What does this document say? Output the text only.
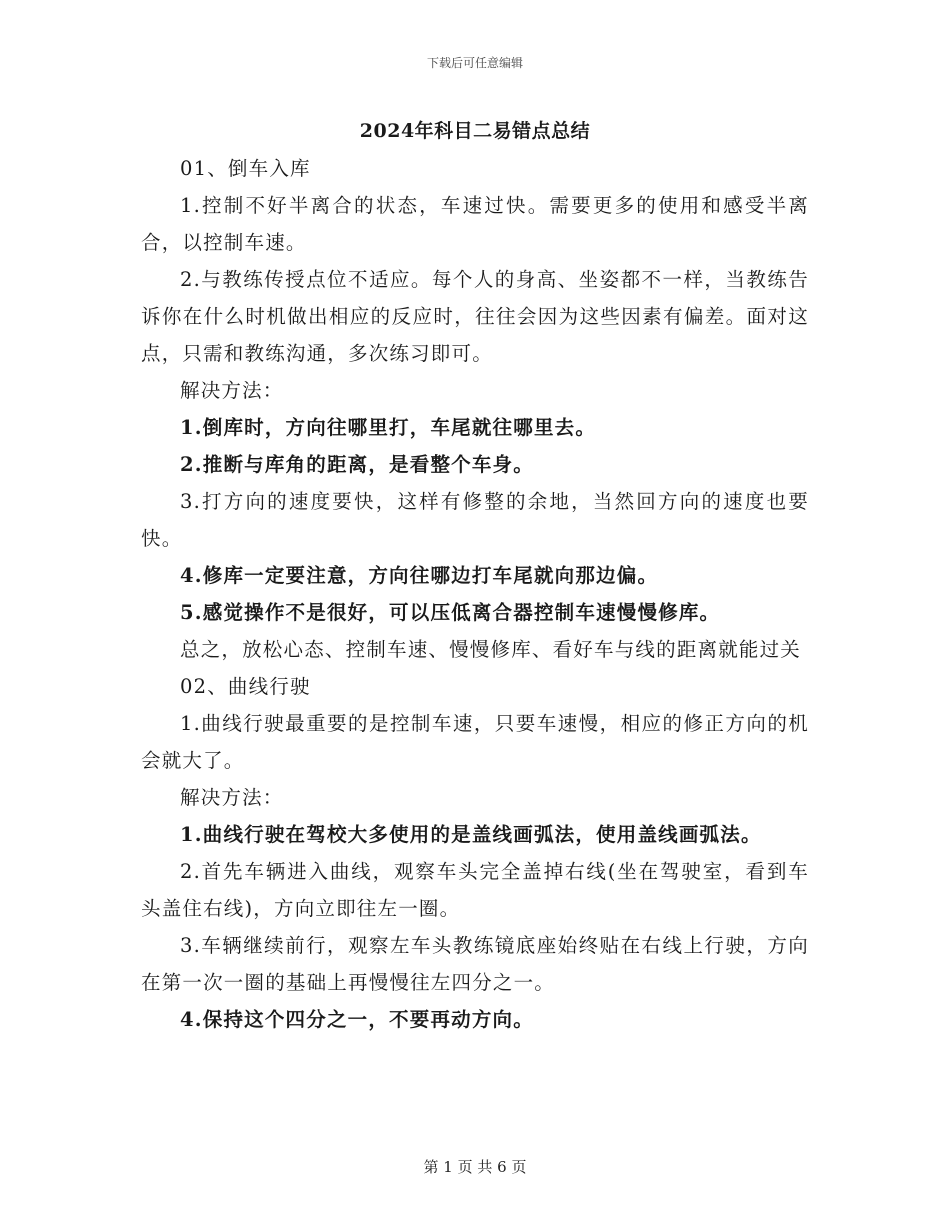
下载后可任意编辑
2024年科目二易错点总结

01、倒车入库

1.控制不好半离合的状态，车速过快。需要更多的使用和感受半离合，以控制车速。

2.与教练传授点位不适应。每个人的身高、坐姿都不一样，当教练告诉你在什么时机做出相应的反应时，往往会因为这些因素有偏差。面对这点，只需和教练沟通，多次练习即可。

解决方法：

1.倒库时，方向往哪里打，车尾就往哪里去。

2.推断与库角的距离，是看整个车身。

3.打方向的速度要快，这样有修整的余地，当然回方向的速度也要快。

4.修库一定要注意，方向往哪边打车尾就向那边偏。

5.感觉操作不是很好，可以压低离合器控制车速慢慢修库。

总之，放松心态、控制车速、慢慢修库、看好车与线的距离就能过关

02、曲线行驶

1.曲线行驶最重要的是控制车速，只要车速慢，相应的修正方向的机会就大了。

解决方法：

1.曲线行驶在驾校大多使用的是盖线画弧法，使用盖线画弧法。

2.首先车辆进入曲线，观察车头完全盖掉右线(坐在驾驶室，看到车头盖住右线)，方向立即往左一圈。

3.车辆继续前行，观察左车头教练镜底座始终贴在右线上行驶，方向在第一次一圈的基础上再慢慢往左四分之一。

4.保持这个四分之一，不要再动方向。

第 1 页 共 6 页
